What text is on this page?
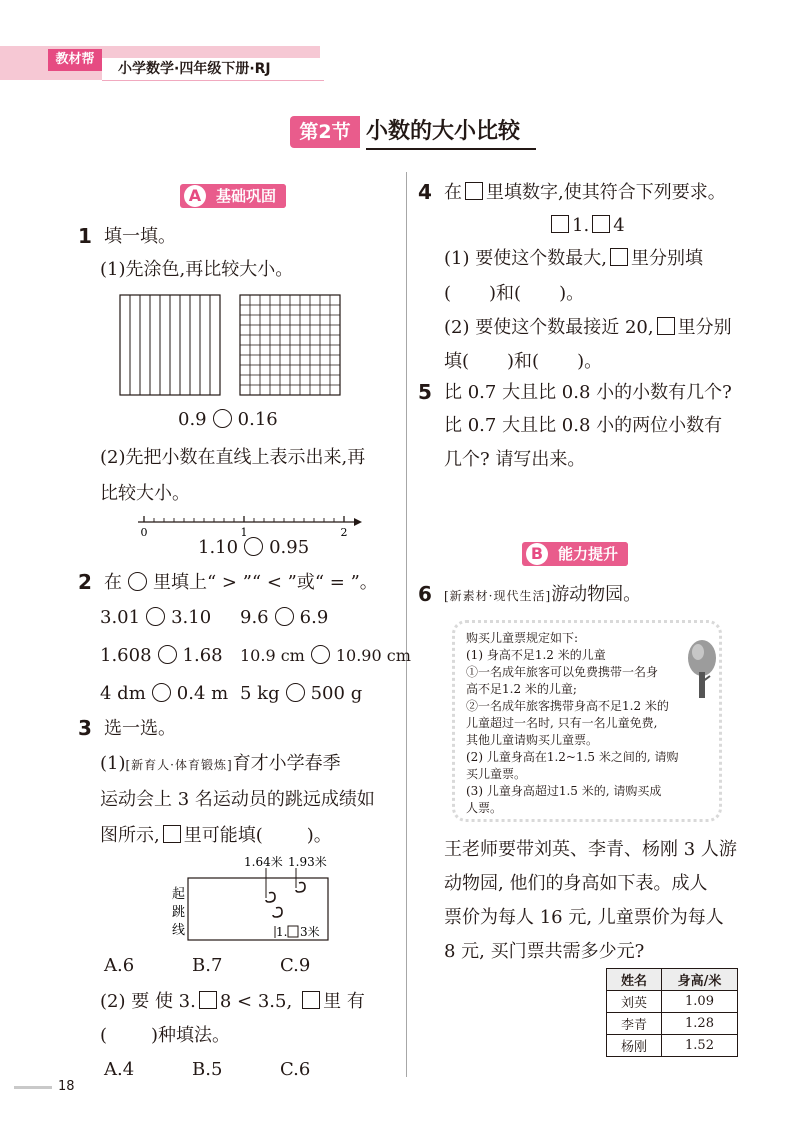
教材帮
小学数学·四年级下册·RJ
第2节 小数的大小比较
A 基础巩固
1 填一填。
(1)先涂色,再比较大小。
0.9 0.16
(2)先把小数在直线上表示出来,再
比较大小。
0	1	2
1.10 0.95
2 在 里填上“ > ”“ < ”或“ = ”。
3.01 3.10 9.6 6.9
1.608 1.68 10.9 cm 10.90 cm
4 dm 0.4 m 5 kg 500 g
3 选一选。
(1)[新育人·体育锻炼]育才小学春季
运动会上 3 名运动员的跳远成绩如
图所示, 里可能填( )。
1.64米 1.93米
起
跳
线	1. 3米
A.6	B.7	C.9
(2) 要 使 3. 8 < 3.5, 里 有
( )种填法。
A.4	B.5	C.6
4 在 里填数字,使其符合下列要求。
1. 4
(1) 要使这个数最大, 里分别填
( )和( )。
(2) 要使这个数最接近 20, 里分别
填( )和( )。
5 比 0.7 大且比 0.8 小的小数有几个?
比 0.7 大且比 0.8 小的两位小数有
几个? 请写出来。
B 能力提升
6 [新素材·现代生活]游动物园。
购买儿童票规定如下:
(1) 身高不足1.2 米的儿童
①一名成年旅客可以免费携带一名身
高不足1.2 米的儿童;
②一名成年旅客携带身高不足1.2 米的
儿童超过一名时, 只有一名儿童免费,
其他儿童请购买儿童票。
(2) 儿童身高在1.2~1.5 米之间的, 请购
买儿童票。
(3) 儿童身高超过1.5 米的, 请购买成
人票。
王老师要带刘英、李青、杨刚 3 人游
动物园, 他们的身高如下表。成人
票价为每人 16 元, 儿童票价为每人
8 元, 买门票共需多少元?
姓名	身高/米
刘英	1.09
李青	1.28
杨刚	1.52
18
